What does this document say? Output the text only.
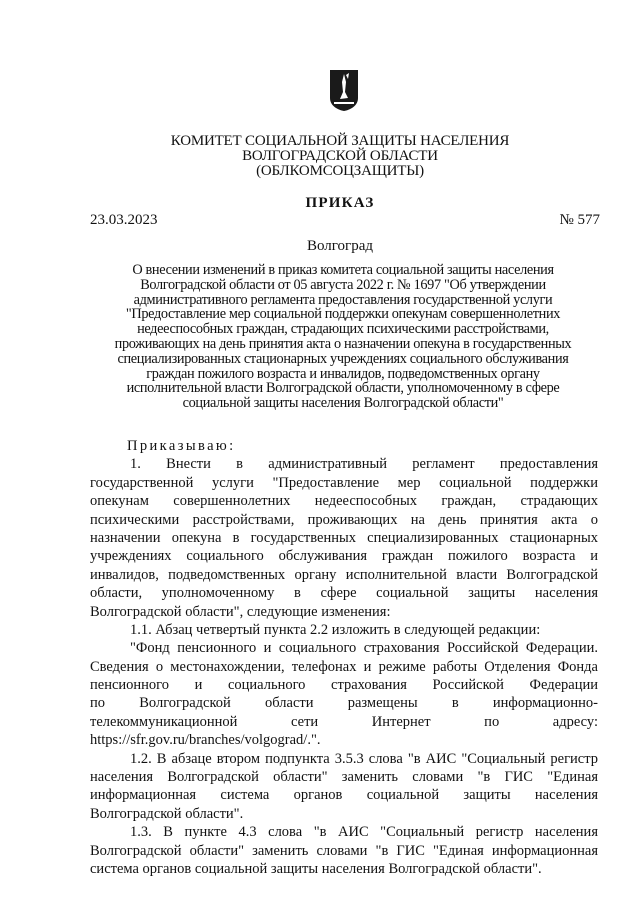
КОМИТЕТ СОЦИАЛЬНОЙ ЗАЩИТЫ НАСЕЛЕНИЯ
ВОЛГОГРАДСКОЙ ОБЛАСТИ
(ОБЛКОМСОЦЗАЩИТЫ)
ПРИКАЗ
23.03.2023	№ 577
Волгоград
О внесении изменений в приказ комитета социальной защиты населения
Волгоградской области от 05 августа 2022 г. № 1697 "Об утверждении
административного регламента предоставления государственной услуги
"Предоставление мер социальной поддержки опекунам совершеннолетних
недееспособных граждан, страдающих психическими расстройствами,
проживающих на день принятия акта о назначении опекуна в государственных
специализированных стационарных учреждениях социального обслуживания
граждан пожилого возраста и инвалидов, подведомственных органу
исполнительной власти Волгоградской области, уполномоченному в сфере
социальной защиты населения Волгоградской области"
Приказываю:
1. Внести в административный регламент предоставления
государственной услуги "Предоставление мер социальной поддержки
опекунам совершеннолетних недееспособных граждан, страдающих
психическими расстройствами, проживающих на день принятия акта о
назначении опекуна в государственных специализированных стационарных
учреждениях социального обслуживания граждан пожилого возраста и
инвалидов, подведомственных органу исполнительной власти Волгоградской
области, уполномоченному в сфере социальной защиты населения
Волгоградской области", следующие изменения:
1.1. Абзац четвертый пункта 2.2 изложить в следующей редакции:
"Фонд пенсионного и социального страхования Российской Федерации.
Сведения о местонахождении, телефонах и режиме работы Отделения Фонда
пенсионного и социального страхования Российской Федерации
по Волгоградской области размещены в информационно-
телекоммуникационной сети Интернет по адресу:
https://sfr.gov.ru/branches/volgograd/.".
1.2. В абзаце втором подпункта 3.5.3 слова "в АИС "Социальный регистр
населения Волгоградской области" заменить словами "в ГИС "Единая
информационная система органов социальной защиты населения
Волгоградской области".
1.3. В пункте 4.3 слова "в АИС "Социальный регистр населения
Волгоградской области" заменить словами "в ГИС "Единая информационная
система органов социальной защиты населения Волгоградской области".
